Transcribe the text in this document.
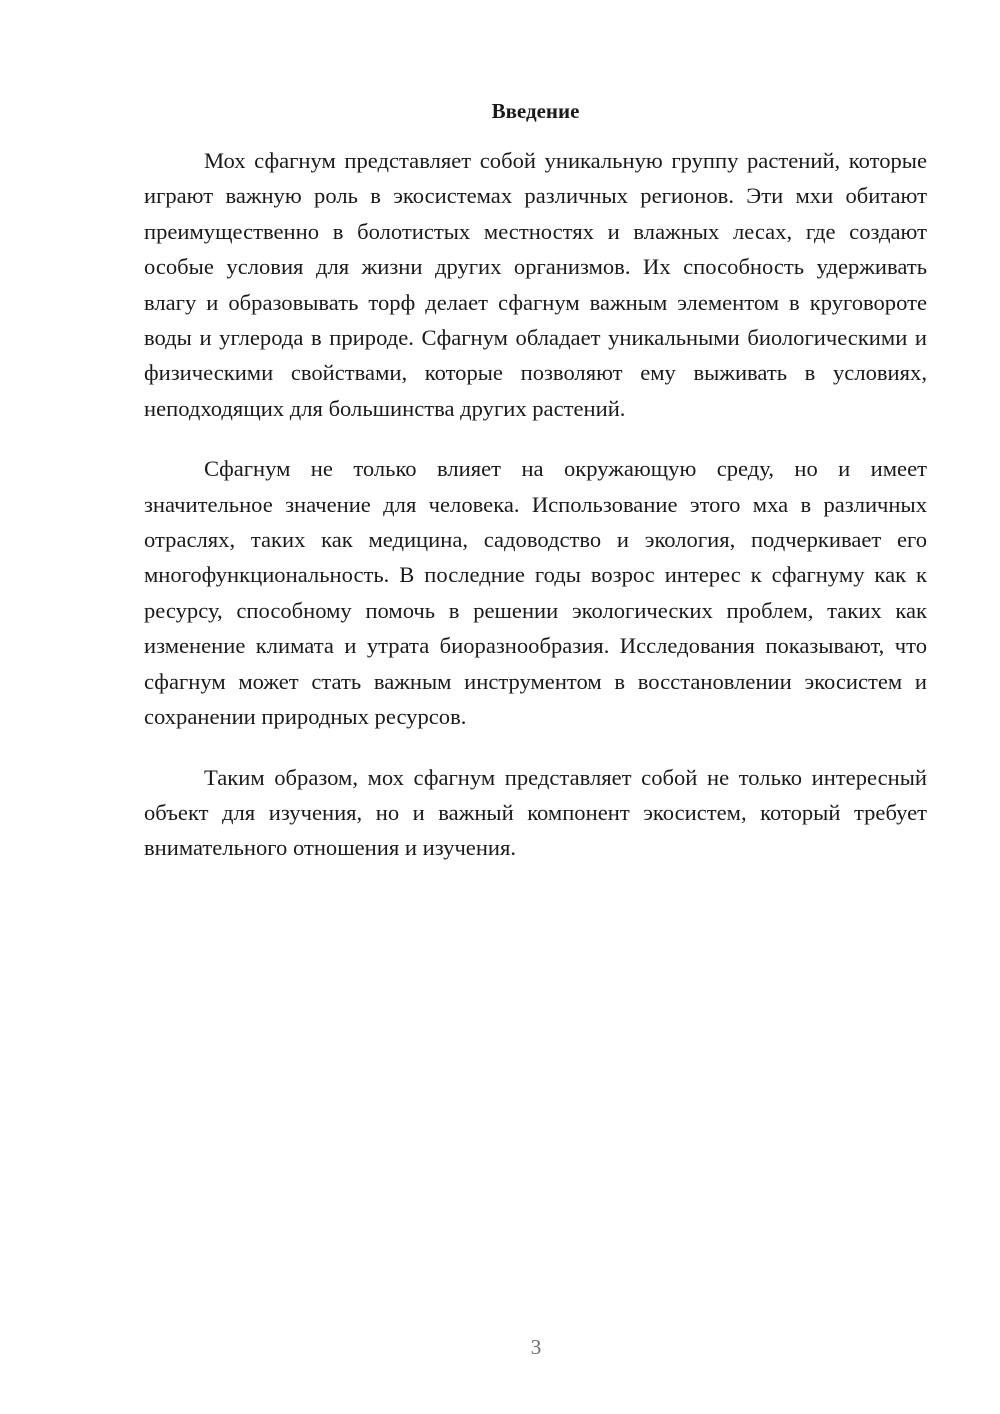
Введение

Мох сфагнум представляет собой уникальную группу растений, которые играют важную роль в экосистемах различных регионов. Эти мхи обитают преимущественно в болотистых местностях и влажных лесах, где создают особые условия для жизни других организмов. Их способность удерживать влагу и образовывать торф делает сфагнум важным элементом в круговороте воды и углерода в природе. Сфагнум обладает уникальными биологическими и физическими свойствами, которые позволяют ему выживать в условиях, неподходящих для большинства других растений.

Сфагнум не только влияет на окружающую среду, но и имеет значительное значение для человека. Использование этого мха в различных отраслях, таких как медицина, садоводство и экология, подчеркивает его многофункциональность. В последние годы возрос интерес к сфагнуму как к ресурсу, способному помочь в решении экологических проблем, таких как изменение климата и утрата биоразнообразия. Исследования показывают, что сфагнум может стать важным инструментом в восстановлении экосистем и сохранении природных ресурсов.

Таким образом, мох сфагнум представляет собой не только интересный объект для изучения, но и важный компонент экосистем, который требует внимательного отношения и изучения.

3
